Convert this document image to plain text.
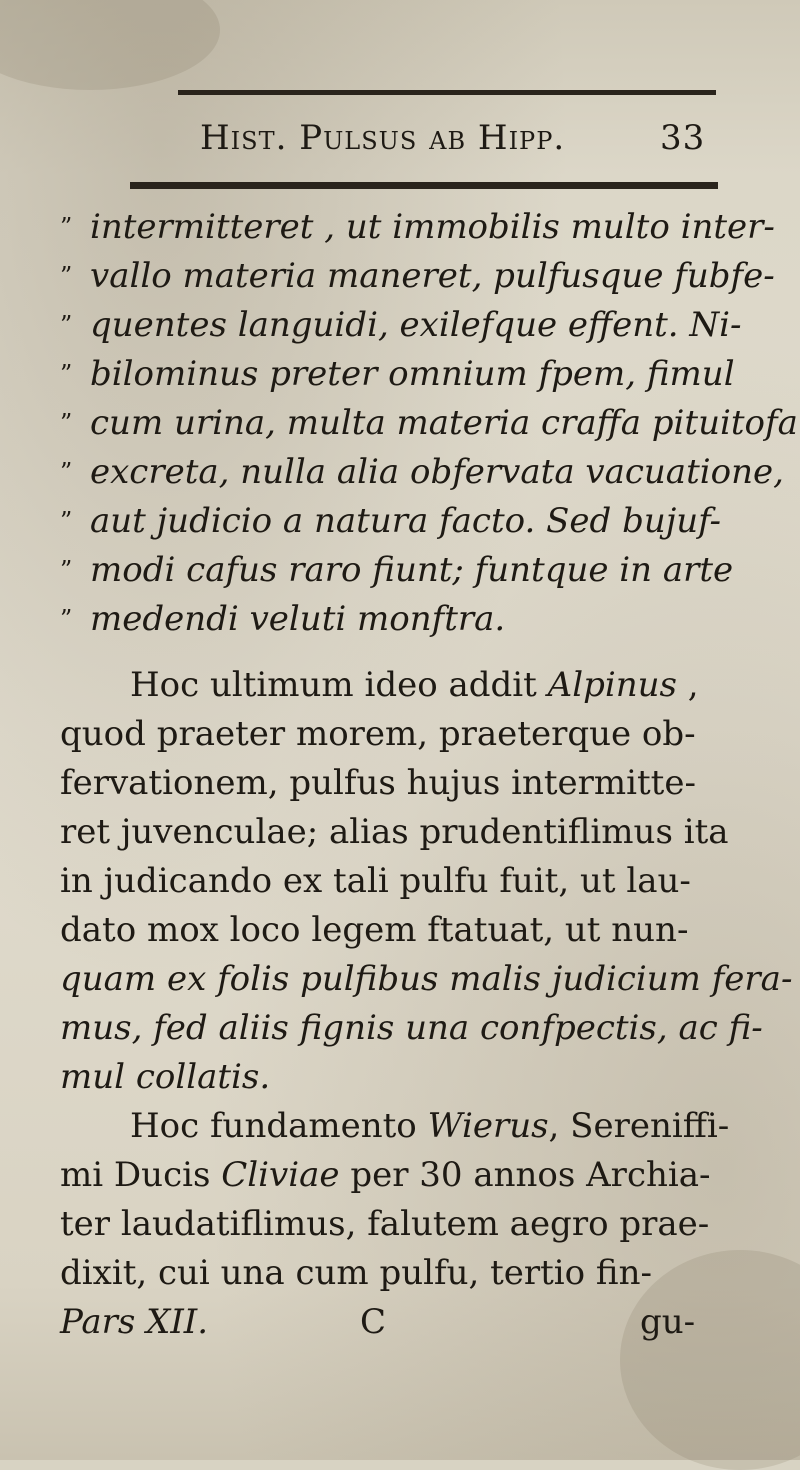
Hist. Pulsus ab Hipp.	33
” intermitteret , ut immobilis multo inter-
” vallo materia maneret, pulfusque fubfe-
” quentes languidi, exilefque effent. Ni-
” bilominus preter omnium fpem, fimul
” cum urina, multa materia craffa pituitofa
” excreta, nulla alia obfervata vacuatione,
” aut judicio a natura facto. Sed bujuf-
” modi cafus raro fiunt; funtque in arte
” medendi veluti monftra.
Hoc ultimum ideo addit Alpinus ,
quod praeter morem, praeterque ob-
fervationem, pulfus hujus intermitte-
ret juvenculae; alias prudentiflimus ita
in judicando ex tali pulfu fuit, ut lau-
dato mox loco legem ftatuat, ut nun-
quam ex folis pulfibus malis judicium fera-
mus, fed aliis fignis una confpectis, ac fi-
mul collatis.
Hoc fundamento Wierus, Sereniffi-
mi Ducis Cliviae per 30 annos Archia-
ter laudatiflimus, falutem aegro prae-
dixit, cui una cum pulfu, tertio fin-
Pars XII.	C	gu-
